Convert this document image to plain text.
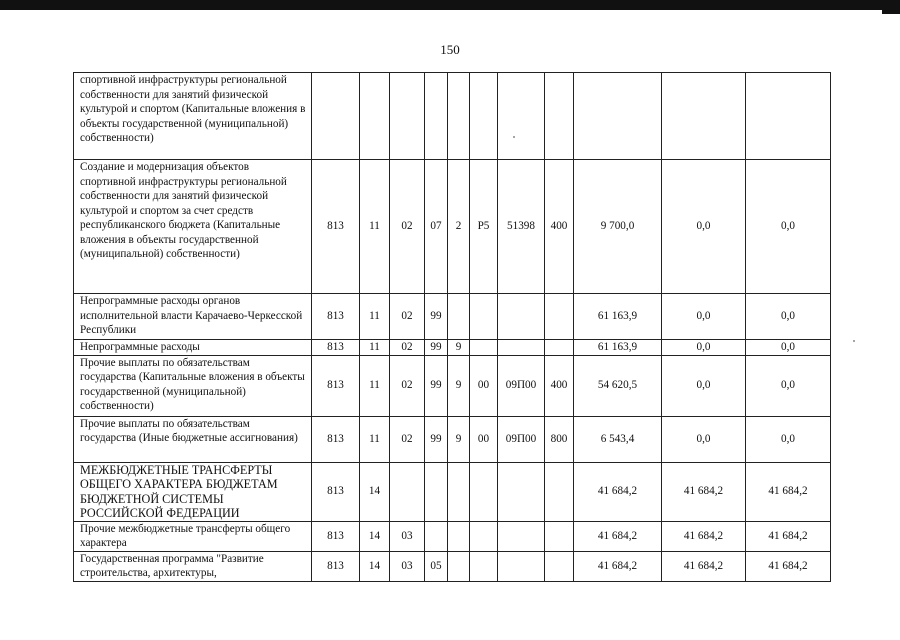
150
спортивной инфраструктуры региональной собственности для занятий физической культурой и спортом (Капитальные вложения в объекты государственной (муниципальной) собственности)											
Создание и модернизация объектов спортивной инфраструктуры региональной собственности для занятий физической культурой и спортом за счет средств республиканского бюджета (Капитальные вложения в объекты государственной (муниципальной) собственности)	813	11	02	07	2	P5	51398	400	9 700,0	0,0	0,0
Непрограммные расходы органов исполнительной власти Карачаево-Черкесской Республики	813	11	02	99					61 163,9	0,0	0,0
Непрограммные расходы	813	11	02	99	9				61 163,9	0,0	0,0
Прочие выплаты по обязательствам государства (Капитальные вложения в объекты государственной (муниципальной) собственности)	813	11	02	99	9	00	09П00	400	54 620,5	0,0	0,0
Прочие выплаты по обязательствам государства (Иные бюджетные ассигнования)	813	11	02	99	9	00	09П00	800	6 543,4	0,0	0,0
МЕЖБЮДЖЕТНЫЕ ТРАНСФЕРТЫ ОБЩЕГО ХАРАКТЕРА БЮДЖЕТАМ БЮДЖЕТНОЙ СИСТЕМЫ РОССИЙСКОЙ ФЕДЕРАЦИИ	813	14							41 684,2	41 684,2	41 684,2
Прочие межбюджетные трансферты общего характера	813	14	03						41 684,2	41 684,2	41 684,2
Государственная программа "Развитие строительства, архитектуры,	813	14	03	05					41 684,2	41 684,2	41 684,2
